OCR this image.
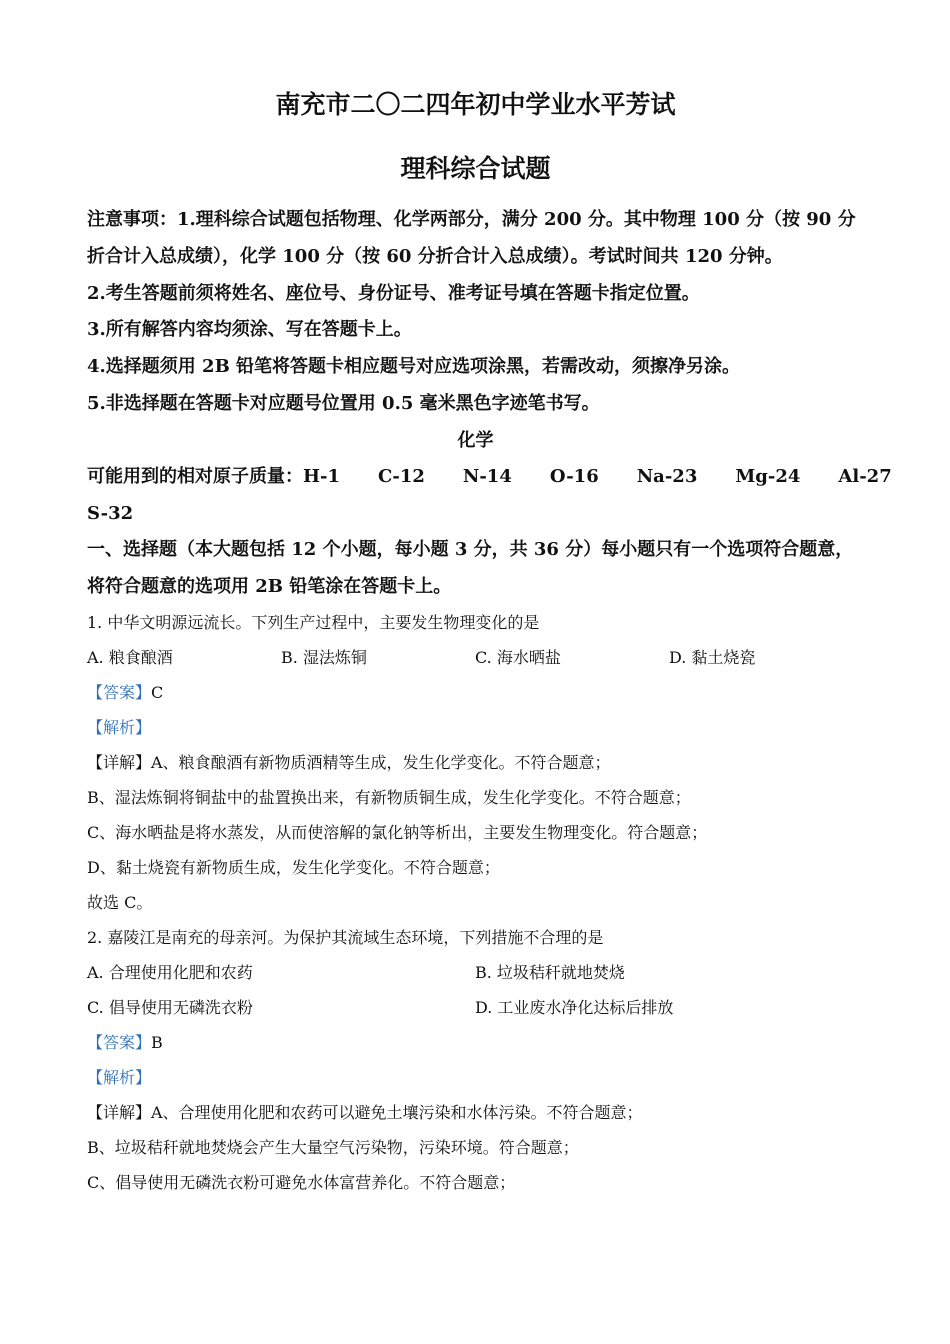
南充市二〇二四年初中学业水平芳试
理科综合试题
注意事项：1.理科综合试题包括物理、化学两部分，满分 200 分。其中物理 100 分（按 90 分
折合计入总成绩），化学 100 分（按 60 分折合计入总成绩）。考试时间共 120 分钟。
2.考生答题前须将姓名、座位号、身份证号、准考证号填在答题卡指定位置。
3.所有解答内容均须涂、写在答题卡上。
4.选择题须用 2B 铅笔将答题卡相应题号对应选项涂黑，若需改动，须擦净另涂。
5.非选择题在答题卡对应题号位置用 0.5 毫米黑色字迹笔书写。
化学
可能用到的相对原子质量：H-1 C-12 N-14 O-16 Na-23 Mg-24 Al-27
S-32
一、选择题（本大题包括 12 个小题，每小题 3 分，共 36 分）每小题只有一个选项符合题意，
将符合题意的选项用 2B 铅笔涂在答题卡上。
1. 中华文明源远流长。下列生产过程中，主要发生物理变化的是
A. 粮食酿酒	B. 湿法炼铜	C. 海水晒盐	D. 黏土烧瓷
【答案】C
【解析】
【详解】A、粮食酿酒有新物质酒精等生成，发生化学变化。不符合题意；
B、湿法炼铜将铜盐中的盐置换出来，有新物质铜生成，发生化学变化。不符合题意；
C、海水晒盐是将水蒸发，从而使溶解的氯化钠等析出，主要发生物理变化。符合题意；
D、黏土烧瓷有新物质生成，发生化学变化。不符合题意；
故选 C。
2. 嘉陵江是南充的母亲河。为保护其流域生态环境，下列措施不合理的是
A. 合理使用化肥和农药	B. 垃圾秸秆就地焚烧
C. 倡导使用无磷洗衣粉	D. 工业废水净化达标后排放
【答案】B
【解析】
【详解】A、合理使用化肥和农药可以避免土壤污染和水体污染。不符合题意；
B、垃圾秸秆就地焚烧会产生大量空气污染物，污染环境。符合题意；
C、倡导使用无磷洗衣粉可避免水体富营养化。不符合题意；
